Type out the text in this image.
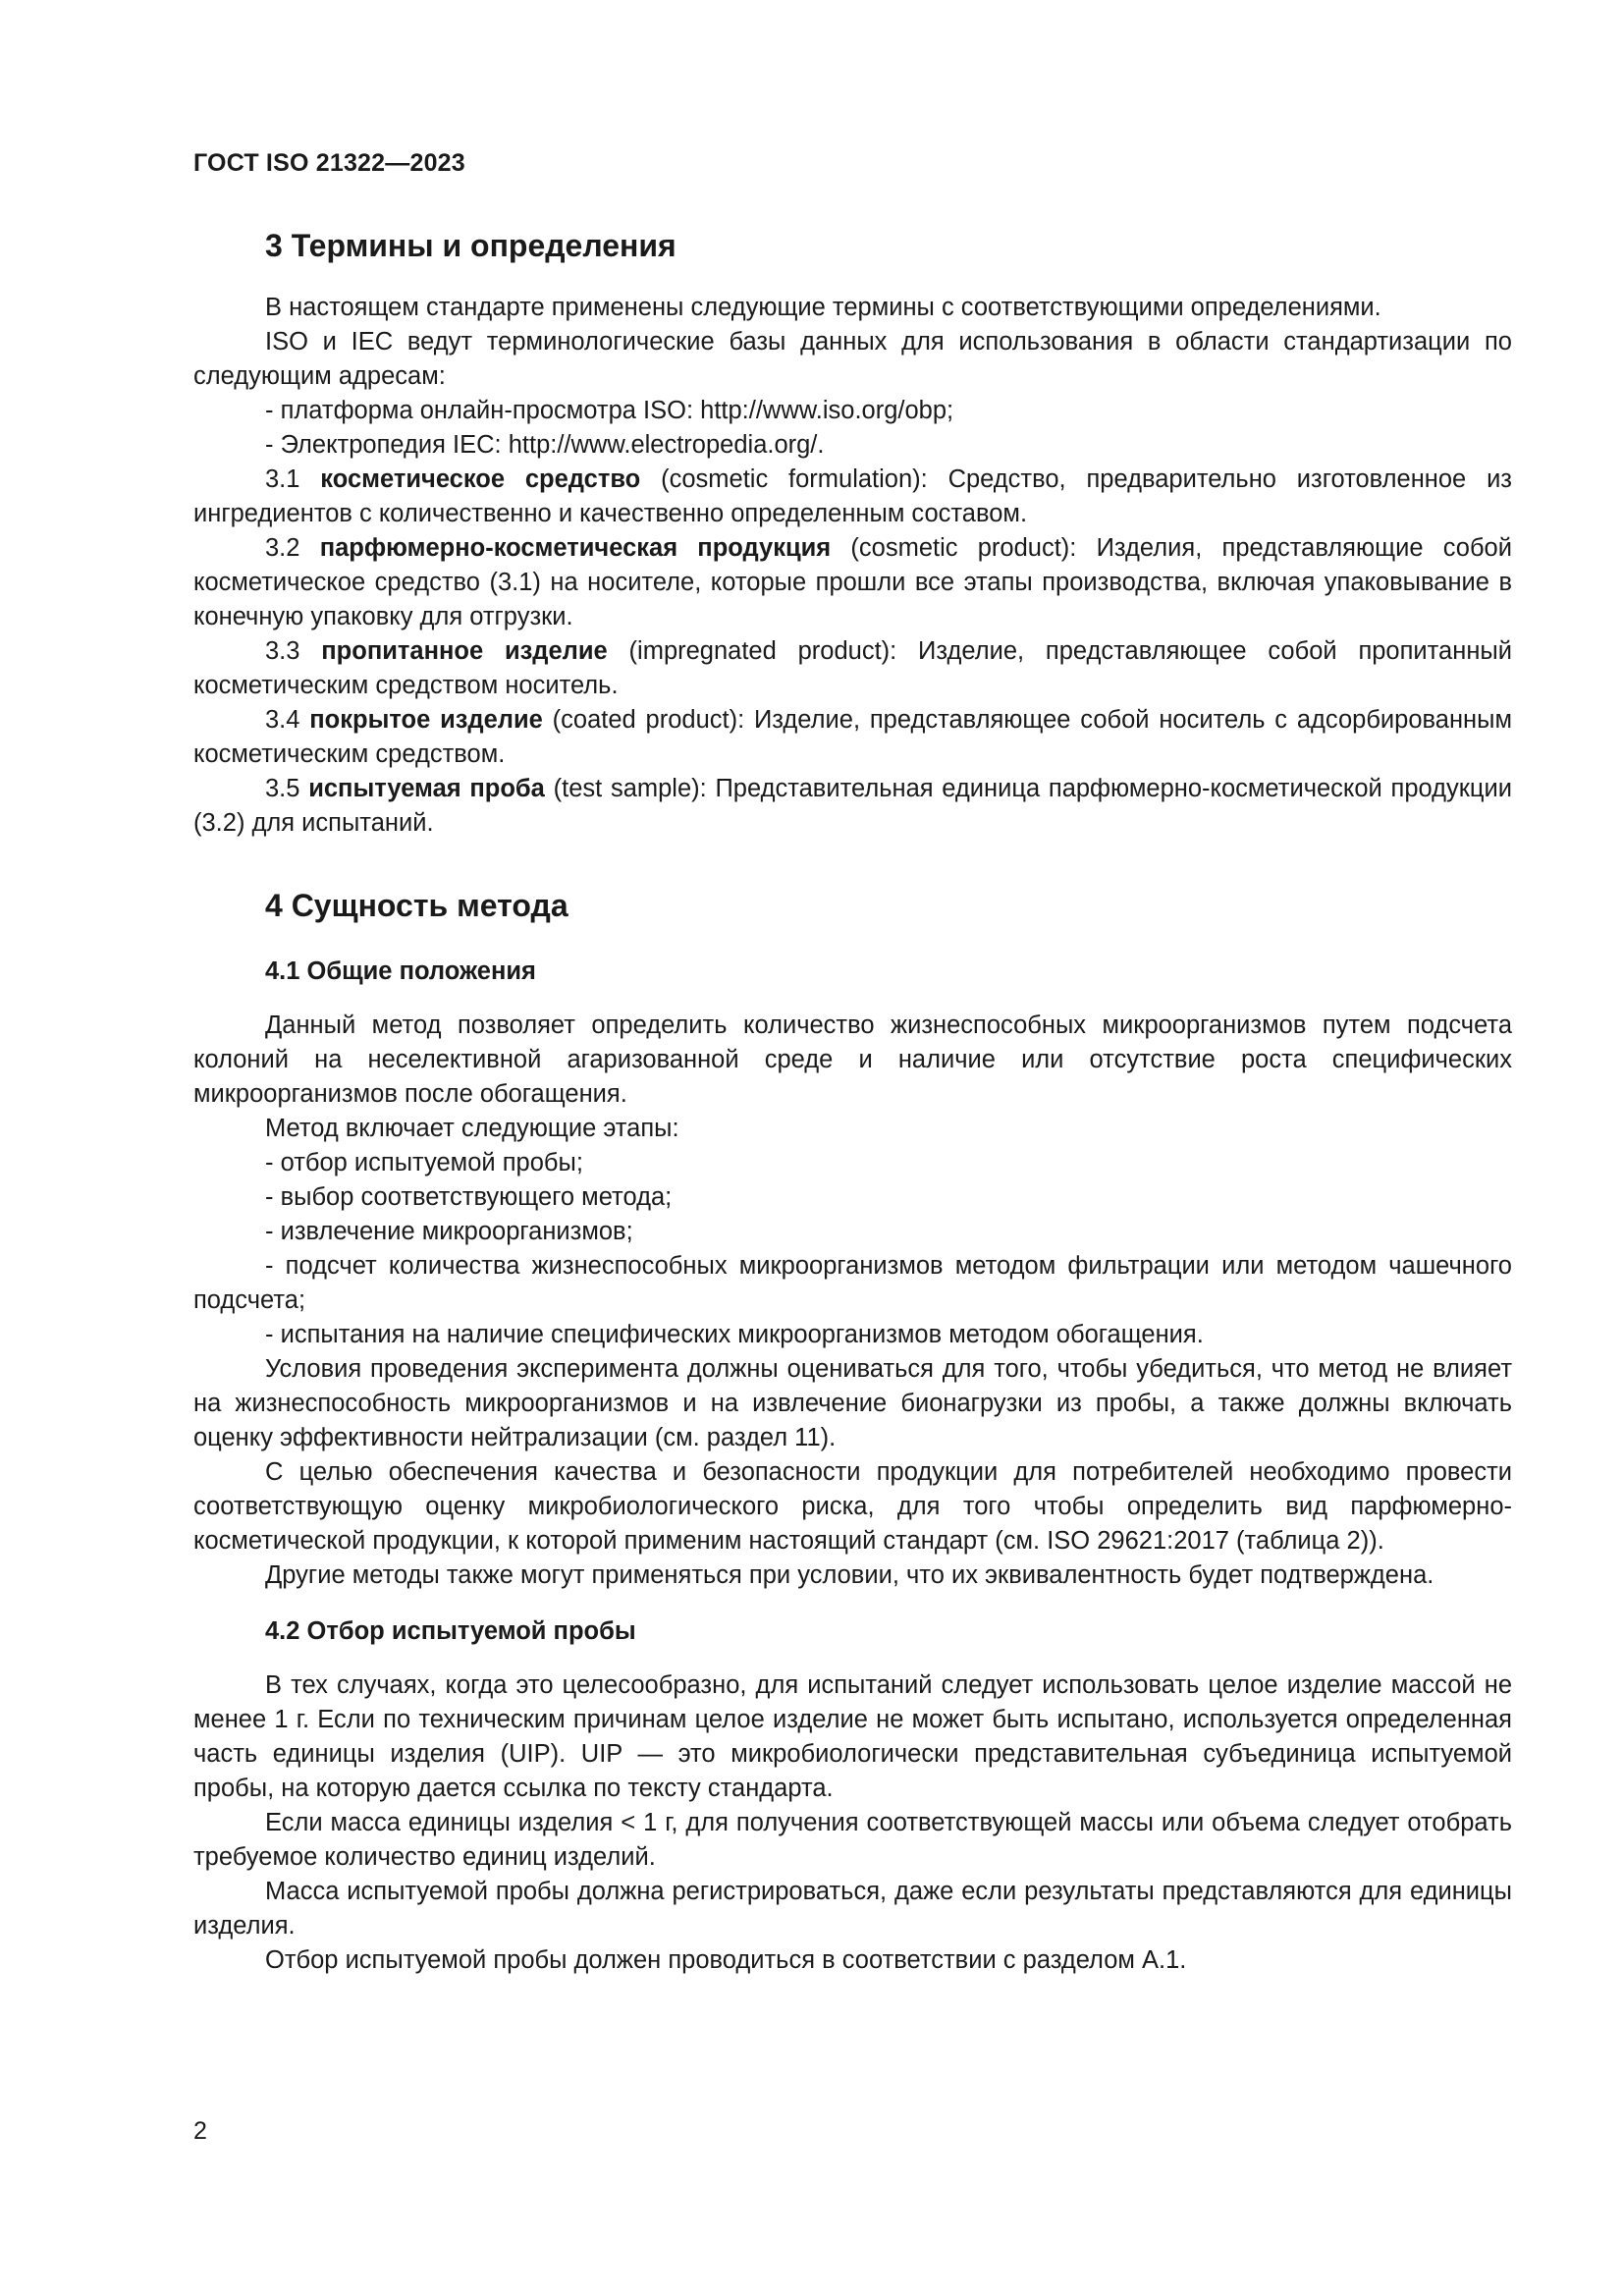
ГОСТ ISO 21322—2023
3 Термины и определения

В настоящем стандарте применены следующие термины с соответствующими определениями.

ISO и IEC ведут терминологические базы данных для использования в области стандартизации по следующим адресам:

- платформа онлайн-просмотра ISO: http://www.iso.org/obp;

- Электропедия IEC: http://www.electropedia.org/.

3.1 косметическое средство (cosmetic formulation): Средство, предварительно изготовленное из ингредиентов с количественно и качественно определенным составом.

3.2 парфюмерно-косметическая продукция (cosmetic product): Изделия, представляющие собой косметическое средство (3.1) на носителе, которые прошли все этапы производства, включая упаковывание в конечную упаковку для отгрузки.

3.3 пропитанное изделие (impregnated product): Изделие, представляющее собой пропитанный косметическим средством носитель.

3.4 покрытое изделие (coated product): Изделие, представляющее собой носитель с адсорбированным косметическим средством.

3.5 испытуемая проба (test sample): Представительная единица парфюмерно-косметической продукции (3.2) для испытаний.

4 Сущность метода
4.1 Общие положения

Данный метод позволяет определить количество жизнеспособных микроорганизмов путем подсчета колоний на неселективной агаризованной среде и наличие или отсутствие роста специфических микроорганизмов после обогащения.

Метод включает следующие этапы:

- отбор испытуемой пробы;

- выбор соответствующего метода;

- извлечение микроорганизмов;

- подсчет количества жизнеспособных микроорганизмов методом фильтрации или методом чашечного подсчета;

- испытания на наличие специфических микроорганизмов методом обогащения.

Условия проведения эксперимента должны оцениваться для того, чтобы убедиться, что метод не влияет на жизнеспособность микроорганизмов и на извлечение бионагрузки из пробы, а также должны включать оценку эффективности нейтрализации (см. раздел 11).

С целью обеспечения качества и безопасности продукции для потребителей необходимо провести соответствующую оценку микробиологического риска, для того чтобы определить вид парфюмерно-косметической продукции, к которой применим настоящий стандарт (см. ISO 29621:2017 (таблица 2)).

Другие методы также могут применяться при условии, что их эквивалентность будет подтверждена.

4.2 Отбор испытуемой пробы

В тех случаях, когда это целесообразно, для испытаний следует использовать целое изделие массой не менее 1 г. Если по техническим причинам целое изделие не может быть испытано, используется определенная часть единицы изделия (UIP). UIP — это микробиологически представительная субъединица испытуемой пробы, на которую дается ссылка по тексту стандарта.

Если масса единицы изделия < 1 г, для получения соответствующей массы или объема следует отобрать требуемое количество единиц изделий.

Масса испытуемой пробы должна регистрироваться, даже если результаты представляются для единицы изделия.

Отбор испытуемой пробы должен проводиться в соответствии с разделом А.1.

2
